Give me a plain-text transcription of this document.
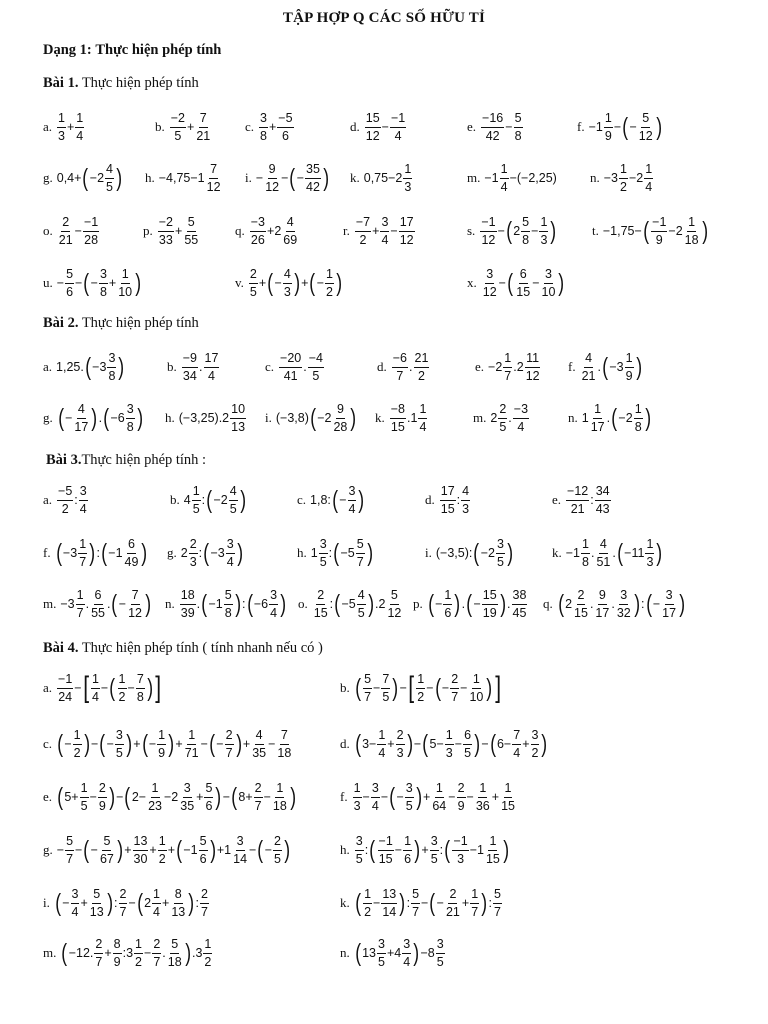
TẬP HỢP Q CÁC SỐ HỮU TỈ
Dạng 1: Thực hiện phép tính
Bài 1. Thực hiện phép tính
Bài 2. Thực hiện phép tính
Bài 3.Thực hiện phép tính :
Bài 4. Thực hiện phép tính ( tính nhanh nếu có )
a. $\frac{1}{3} + \frac{1}{4}$	b. $\frac{-2}{5} + \frac{7}{21}$	c. $\frac{3}{8} + \frac{-5}{6}$	d. $\frac{15}{12} - \frac{-1}{4}$	e. $\frac{-16}{42} - \frac{5}{8}$	f. $-1 \frac{1}{9}$ − ( − $\frac{5}{12}$ )
g. 0,4+ ( $-2 \frac{4}{5}$ ) h. $-4,75-1 \frac{7}{12} i$. − $\frac{9}{12}$ − ( − $\frac{35}{42}$ ) k. $0,75-2 \frac{1}{3}$	m. $-1 \frac{1}{4} -(-2,25)$	n. $-3 \frac{1}{2} -2 \frac{1}{4}$
o. $\frac{2}{21} - \frac{-1}{28}$	p. $\frac{-2}{33} + \frac{5}{55}$	q. $\frac{-3}{26} +2 \frac{4}{69}$	r. $\frac{-7}{2} + \frac{3}{4} - \frac{17}{12}$	s. $\frac{-1}{12}$ − ( $2 \frac{5}{8} - \frac{1}{3}$ )	t. −1,75− ( $\frac{-1}{9} -2 \frac{1}{18}$ )
u. − $\frac{5}{6}$ − ( − $\frac{3}{8} + \frac{1}{10}$ )	v. $\frac{2}{5}$ + ( − $\frac{4}{3}$ ) + ( − $\frac{1}{2}$ )	x. $\frac{3}{12}$ − ( $\frac{6}{15} - \frac{3}{10}$ )
a. 1,25. ( $-3 \frac{3}{8}$ )	b. $\frac{-9}{34}$ . $\frac{17}{4}$	c. $\frac{-20}{41}$ . $\frac{-4}{5}$	d. $\frac{-6}{7}$ . $\frac{21}{2}$	e. $-2 \frac{1}{7} .2 \frac{11}{12} f$. $\frac{4}{21}$ . ( $-3 \frac{1}{9}$ )
g. ( − $\frac{4}{17}$ ) . ( $-6 \frac{3}{8}$ ) h. $(-3,25).2 \frac{10}{13} i$. (−3,8) ( $-2 \frac{9}{28}$ ) k. $\frac{-8}{15} .1 \frac{1}{4}$	m. $2 \frac{2}{5}$ . $\frac{-3}{4}$	n. $1 \frac{1}{17}$ . ( $-2 \frac{1}{8}$ )
a. $\frac{-5}{2}$ : $\frac{3}{4}$	b. $4 \frac{1}{5}$ : ( $-2 \frac{4}{5}$ )	c. 1,8: ( − $\frac{3}{4}$ )	d. $\frac{17}{15}$ : $\frac{4}{3}$	e. $\frac{-12}{21}$ : $\frac{34}{43}$
f. ( $-3 \frac{1}{7}$ ) : ( $-1 \frac{6}{49}$ ) g. $2 \frac{2}{3}$ : ( $-3 \frac{3}{4}$ )	h. $1 \frac{3}{5}$ : ( $-5 \frac{5}{7}$ )	i. (−3,5): ( $-2 \frac{3}{5}$ )	k. $-1 \frac{1}{8}$ . $\frac{4}{51}$ . ( $-11 \frac{1}{3}$ )
m. $-3 \frac{1}{7}$ . $\frac{6}{55}$ . ( − $\frac{7}{12}$ ) n. $\frac{18}{39}$ . ( $-1 \frac{5}{8}$ ) : ( $-6 \frac{3}{4}$ ) o. $\frac{2}{15}$ : ( $-5 \frac{4}{5}$ ) $.2 \frac{5}{12} p$. ( − $\frac{1}{6}$ ) . ( − $\frac{15}{19}$ ) . $\frac{38}{45} q$. ( $2 \frac{2}{15}$ . $\frac{9}{17}$ . $\frac{3}{32}$ ) : ( − $\frac{3}{17}$ )
a. $\frac{-1}{24}$ − [ $\frac{1}{4}$ − ( $\frac{1}{2} - \frac{7}{8}$ ) ]	b. ( $\frac{5}{7} - \frac{7}{5}$ ) − [ $\frac{1}{2}$ − ( − $\frac{2}{7} - \frac{1}{10}$ ) ]
c. ( − $\frac{1}{2}$ ) − ( − $\frac{3}{5}$ ) + ( − $\frac{1}{9}$ ) + $\frac{1}{71}$ − ( − $\frac{2}{7}$ ) + $\frac{4}{35} - \frac{7}{18}$	d. ( $3- \frac{1}{4} + \frac{2}{3}$ ) − ( $5- \frac{1}{3} - \frac{6}{5}$ ) − ( $6- \frac{7}{4} + \frac{3}{2}$ )
e. ( $5+ \frac{1}{5} - \frac{2}{9}$ ) − ( $2- \frac{1}{23} -2 \frac{3}{35} + \frac{5}{6}$ ) − ( $8+ \frac{2}{7} - \frac{1}{18}$ )	f. $\frac{1}{3} - \frac{3}{4}$ − ( − $\frac{3}{5}$ ) + $\frac{1}{64} - \frac{2}{9} - \frac{1}{36} + \frac{1}{15}$
g. − $\frac{5}{7}$ − ( − $\frac{5}{67}$ ) + $\frac{13}{30} + \frac{1}{2}$ + ( $-1 \frac{5}{6}$ ) $+1 \frac{3}{14}$ − ( − $\frac{2}{5}$ )	h. $\frac{3}{5}$ : ( $\frac{-1}{15} - \frac{1}{6}$ ) + $\frac{3}{5}$ : ( $\frac{-1}{3} -1 \frac{1}{15}$ )
i. ( − $\frac{3}{4} + \frac{5}{13}$ ) : $\frac{2}{7}$ − ( $2 \frac{1}{4} + \frac{8}{13}$ ) : $\frac{2}{7}$	k. ( $\frac{1}{2} - \frac{13}{14}$ ) : $\frac{5}{7}$ − ( − $\frac{2}{21} + \frac{1}{7}$ ) : $\frac{5}{7}$
m. ( −12. $\frac{2}{7} + \frac{8}{9}$ :3 $\frac{1}{2} - \frac{2}{7}$ . $\frac{5}{18}$ ) $.3 \frac{1}{2}$	n. ( $13 \frac{3}{5} +4 \frac{3}{4}$ ) $-8 \frac{3}{5}$
